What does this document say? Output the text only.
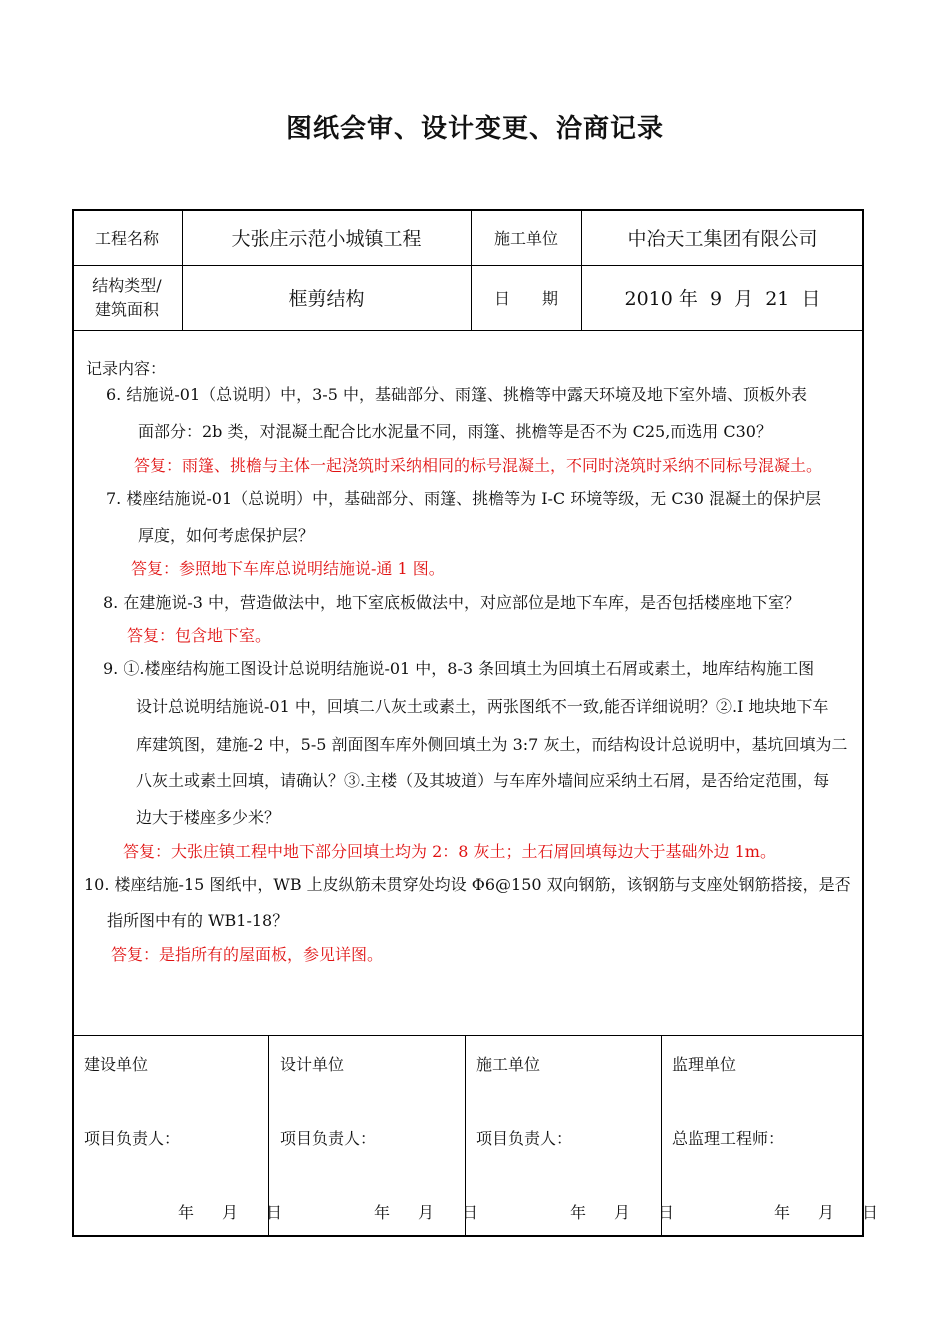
图纸会审、设计变更、洽商记录
工程名称	大张庄示范小城镇工程	施工单位	中冶天工集团有限公司
结构类型/
建筑面积	框剪结构	日　　期	2010 年  9  月  21  日
记录内容：
6. 结施说-01（总说明）中，3-5 中，基础部分、雨篷、挑檐等中露天环境及地下室外墙、顶板外表
面部分：2b 类，对混凝土配合比水泥量不同，雨篷、挑檐等是否不为 C25,而选用 C30？
答复：雨篷、挑檐与主体一起浇筑时采纳相同的标号混凝土，不同时浇筑时采纳不同标号混凝土。
7. 楼座结施说-01（总说明）中，基础部分、雨篷、挑檐等为 I-C 环境等级，无 C30 混凝土的保护层
厚度，如何考虑保护层？
答复：参照地下车库总说明结施说-通 1 图。
8. 在建施说-3 中，营造做法中，地下室底板做法中，对应部位是地下车库，是否包括楼座地下室？
答复：包含地下室。
9. ①.楼座结构施工图设计总说明结施说-01 中，8-3 条回填土为回填土石屑或素土，地库结构施工图
设计总说明结施说-01 中，回填二八灰土或素土，两张图纸不一致,能否详细说明？②.I 地块地下车
库建筑图，建施-2 中，5-5 剖面图车库外侧回填土为 3:7 灰土，而结构设计总说明中，基坑回填为二
八灰土或素土回填，请确认？③.主楼（及其坡道）与车库外墙间应采纳土石屑，是否给定范围，每
边大于楼座多少米？
答复：大张庄镇工程中地下部分回填土均为 2：8 灰土；土石屑回填每边大于基础外边 1m。
10. 楼座结施-15 图纸中，WB 上皮纵筋未贯穿处均设 Φ6@150 双向钢筋，该钢筋与支座处钢筋搭接，是否
指所图中有的 WB1-18？
答复：是指所有的屋面板，参见详图。
建设单位
项目负责人：
年　月　日
设计单位
项目负责人：
年　月　日
施工单位
项目负责人：
年　月　日
监理单位
总监理工程师：
年　月　日
